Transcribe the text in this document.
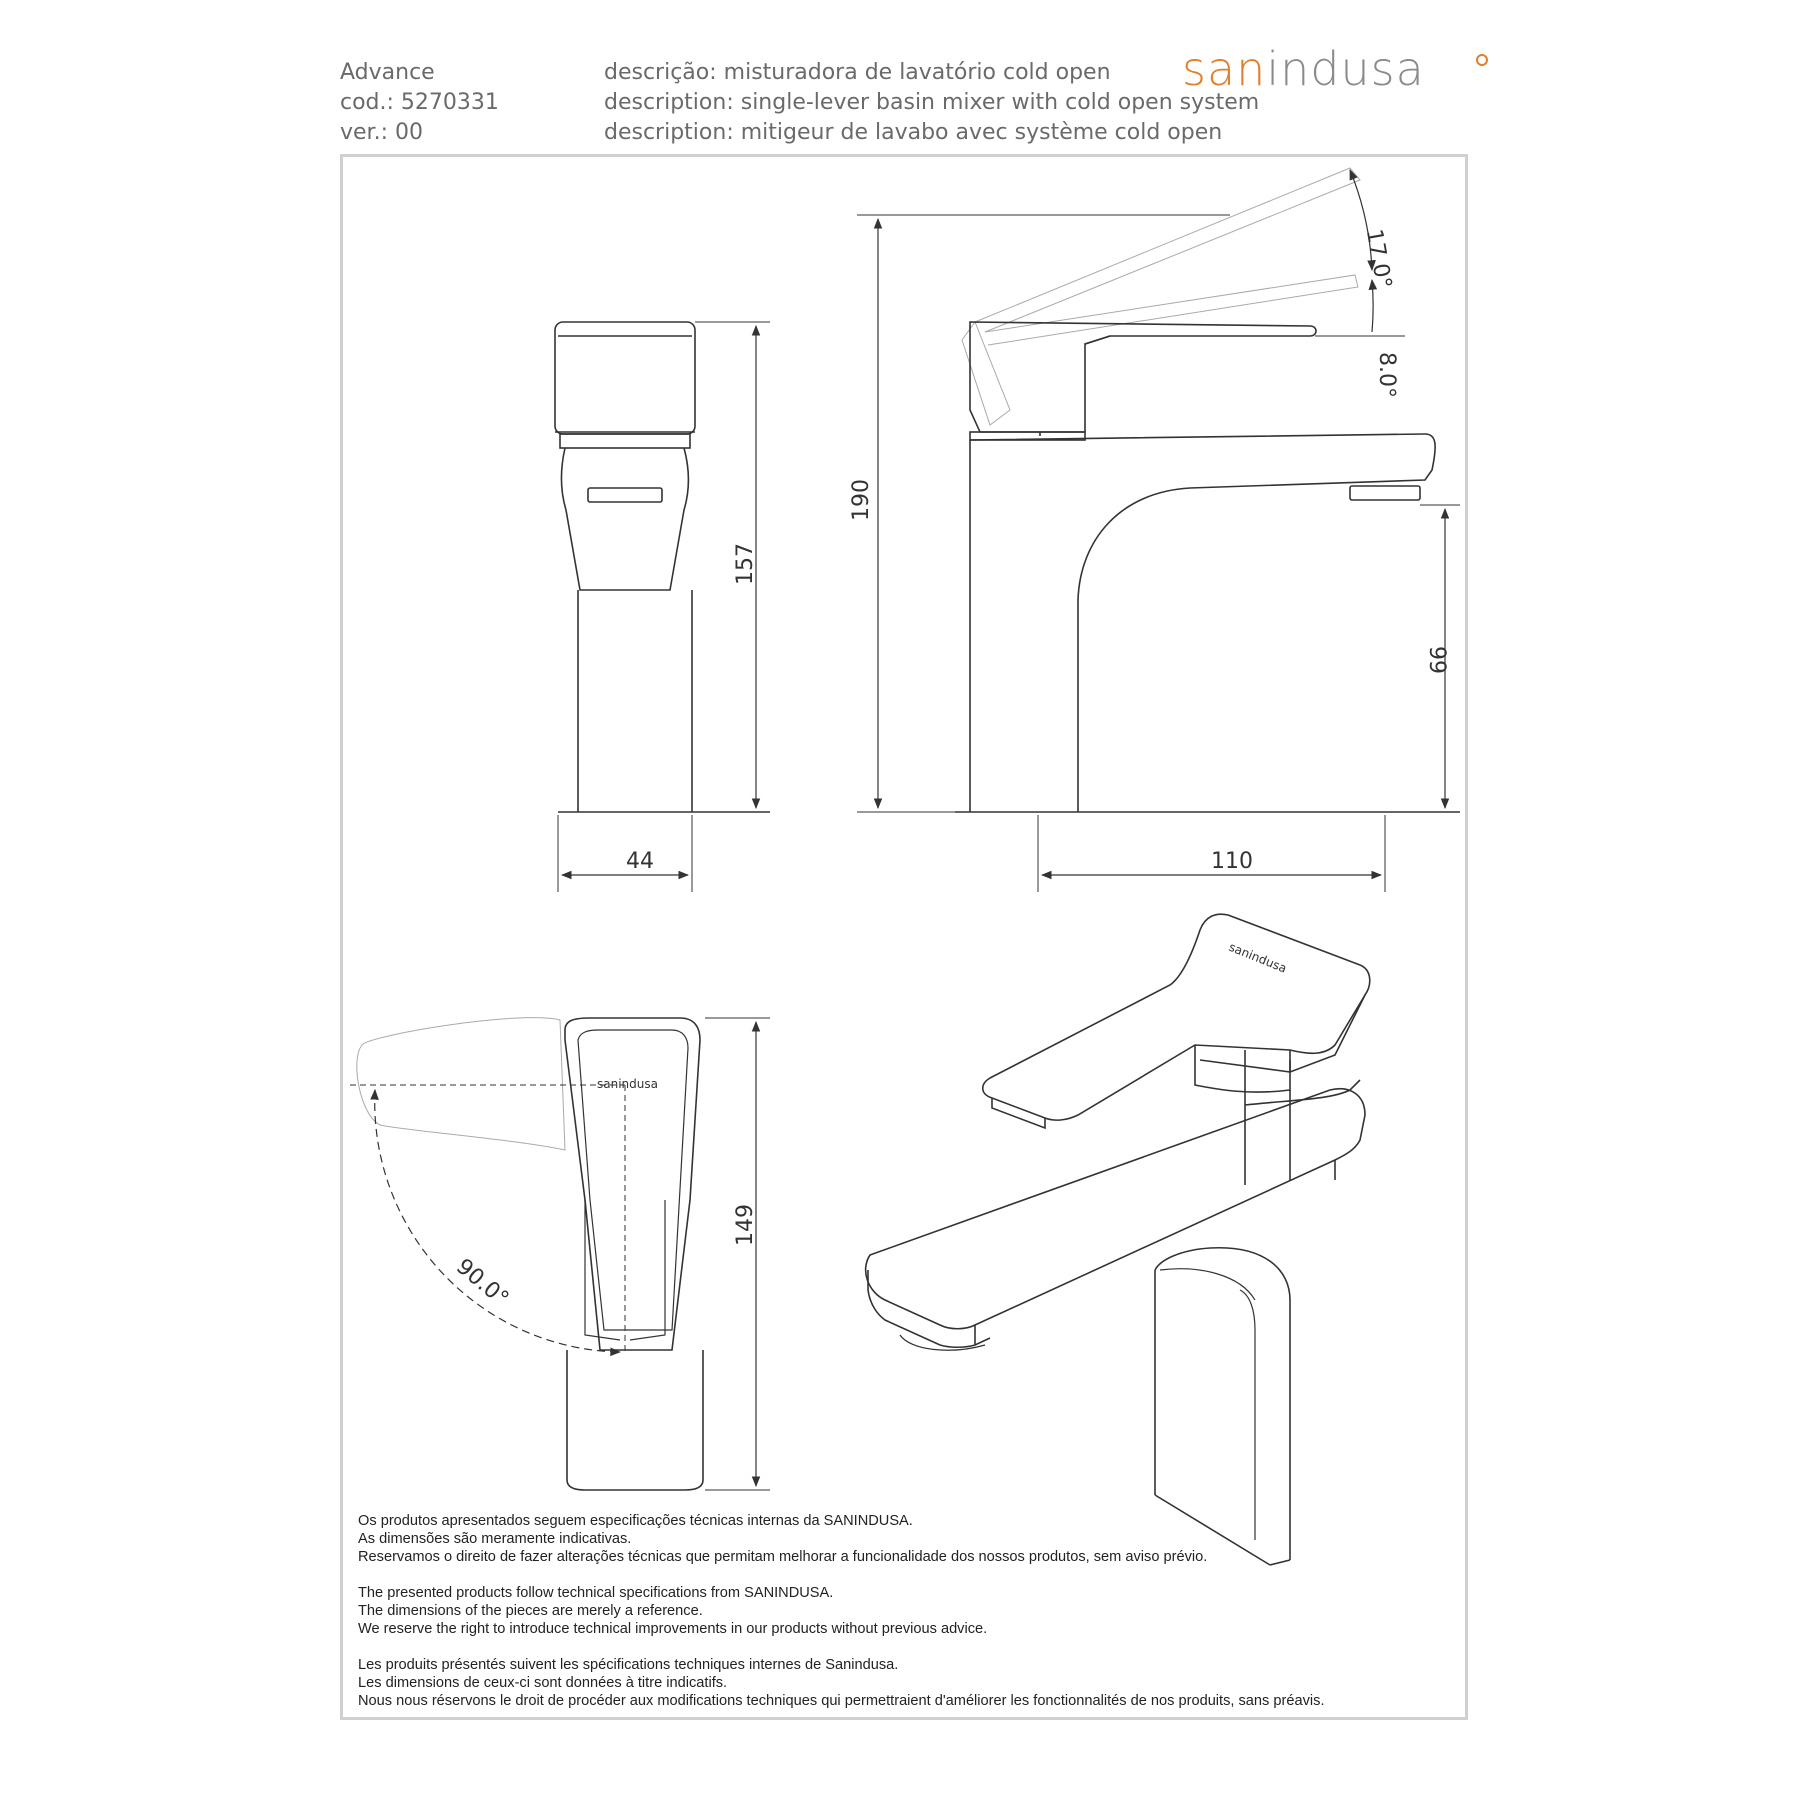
Advance
cod.: 5270331
ver.: 00
descrição: misturadora de lavatório cold open
description: single-lever basin mixer with cold open system
description: mitigeur de lavabo avec système cold open
sanindusa
157
44
190
99
110
17.0°
8.0°
90.0°
149
sanindusa
sanindusa
Os produtos apresentados seguem especificações técnicas internas da SANINDUSA.
As dimensões são meramente indicativas.
Reservamos o direito de fazer alterações técnicas que permitam melhorar a funcionalidade dos nossos produtos, sem aviso prévio.
The presented products follow technical specifications from SANINDUSA.
The dimensions of the pieces are merely a reference.
We reserve the right to introduce technical improvements in our products without previous advice.
Les produits présentés suivent les spécifications techniques internes de Sanindusa.
Les dimensions de ceux-ci sont données à titre indicatifs.
Nous nous réservons le droit de procéder aux modifications techniques qui permettraient d'améliorer les fonctionnalités de nos produits, sans préavis.
